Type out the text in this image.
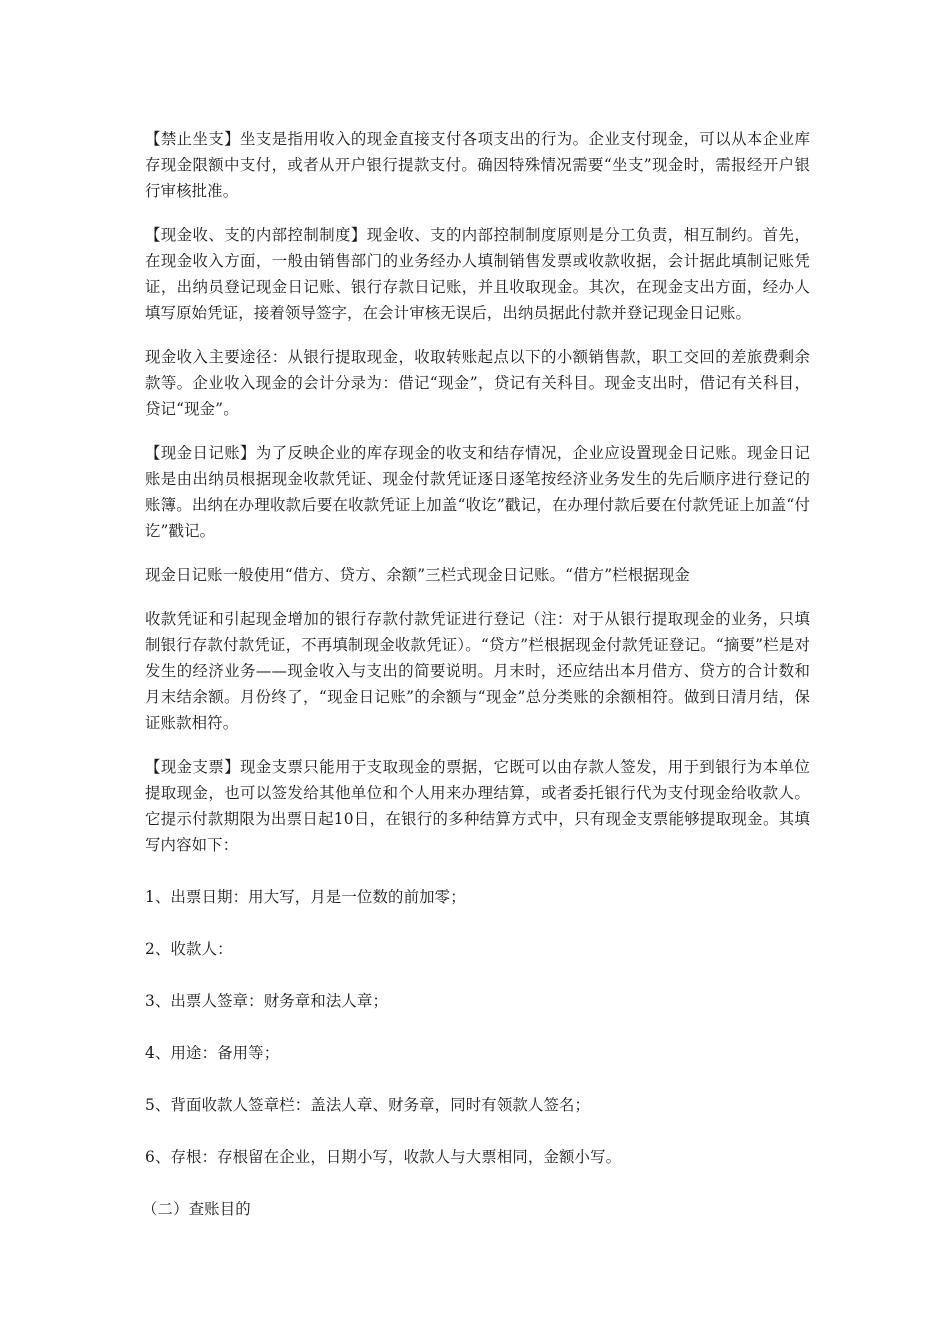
【禁止坐支】坐支是指用收入的现金直接支付各项支出的行为。企业支付现金，可以从本企业库存现金限额中支付，或者从开户银行提款支付。确因特殊情况需要“坐支”现金时，需报经开户银行审核批准。

【现金收、支的内部控制制度】现金收、支的内部控制制度原则是分工负责，相互制约。首先，在现金收入方面，一般由销售部门的业务经办人填制销售发票或收款收据，会计据此填制记账凭证，出纳员登记现金日记账、银行存款日记账，并且收取现金。其次，在现金支出方面，经办人填写原始凭证，接着领导签字，在会计审核无误后，出纳员据此付款并登记现金日记账。

现金收入主要途径：从银行提取现金，收取转账起点以下的小额销售款，职工交回的差旅费剩余款等。企业收入现金的会计分录为：借记“现金”，贷记有关科目。现金支出时，借记有关科目，贷记“现金”。

【现金日记账】为了反映企业的库存现金的收支和结存情况，企业应设置现金日记账。现金日记账是由出纳员根据现金收款凭证、现金付款凭证逐日逐笔按经济业务发生的先后顺序进行登记的账簿。出纳在办理收款后要在收款凭证上加盖“收讫”戳记，在办理付款后要在付款凭证上加盖“付讫”戳记。

现金日记账一般使用“借方、贷方、余额”三栏式现金日记账。“借方”栏根据现金

收款凭证和引起现金增加的银行存款付款凭证进行登记（注：对于从银行提取现金的业务，只填制银行存款付款凭证，不再填制现金收款凭证）。“贷方”栏根据现金付款凭证登记。“摘要”栏是对发生的经济业务——现金收入与支出的简要说明。月末时，还应结出本月借方、贷方的合计数和月末结余额。月份终了，“现金日记账”的余额与“现金”总分类账的余额相符。做到日清月结，保证账款相符。

【现金支票】现金支票只能用于支取现金的票据，它既可以由存款人签发，用于到银行为本单位提取现金，也可以签发给其他单位和个人用来办理结算，或者委托银行代为支付现金给收款人。它提示付款期限为出票日起10日，在银行的多种结算方式中，只有现金支票能够提取现金。其填写内容如下：

1、出票日期：用大写，月是一位数的前加零；

2、收款人：

3、出票人签章：财务章和法人章；

4、用途：备用等；

5、背面收款人签章栏：盖法人章、财务章，同时有领款人签名；

6、存根：存根留在企业，日期小写，收款人与大票相同，金额小写。

（二）查账目的
